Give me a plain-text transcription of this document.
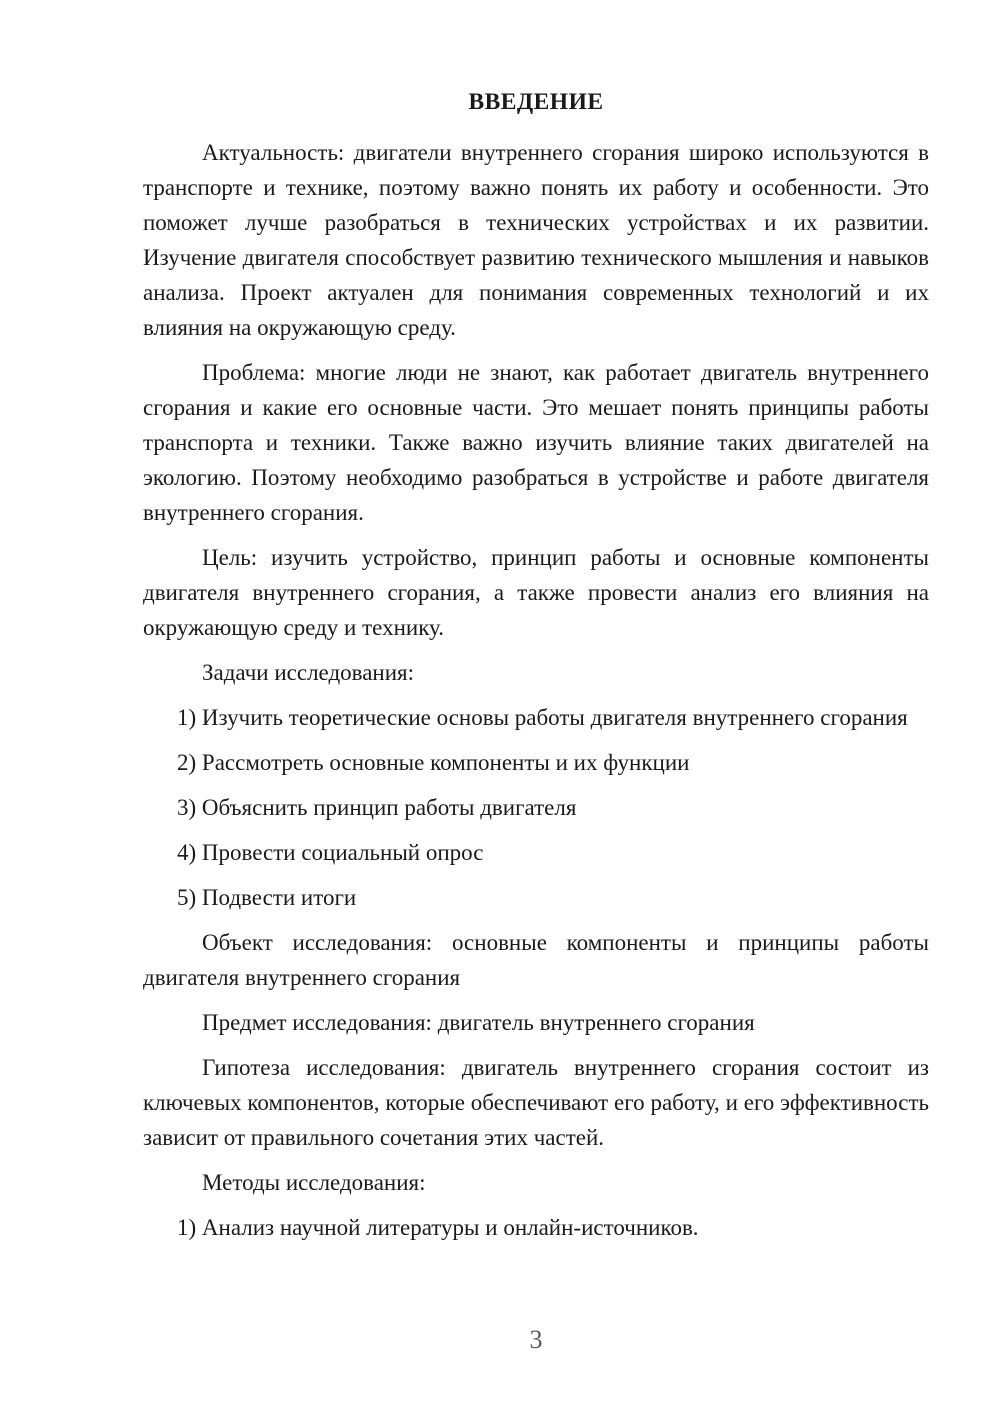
ВВЕДЕНИЕ

Актуальность: двигатели внутреннего сгорания широко используются в транспорте и технике, поэтому важно понять их работу и особенности. Это поможет лучше разобраться в технических устройствах и их развитии. Изучение двигателя способствует развитию технического мышления и навыков анализа. Проект актуален для понимания современных технологий и их влияния на окружающую среду.

Проблема: многие люди не знают, как работает двигатель внутреннего сгорания и какие его основные части. Это мешает понять принципы работы транспорта и техники. Также важно изучить влияние таких двигателей на экологию. Поэтому необходимо разобраться в устройстве и работе двигателя внутреннего сгорания.

Цель: изучить устройство, принцип работы и основные компоненты двигателя внутреннего сгорания, а также провести анализ его влияния на окружающую среду и технику.

Задачи исследования:

1) Изучить теоретические основы работы двигателя внутреннего сгорания

2) Рассмотреть основные компоненты и их функции

3) Объяснить принцип работы двигателя

4) Провести социальный опрос

5) Подвести итоги

Объект исследования: основные компоненты и принципы работы двигателя внутреннего сгорания

Предмет исследования: двигатель внутреннего сгорания

Гипотеза исследования: двигатель внутреннего сгорания состоит из ключевых компонентов, которые обеспечивают его работу, и его эффективность зависит от правильного сочетания этих частей.

Методы исследования:

1) Анализ научной литературы и онлайн-источников.

3
